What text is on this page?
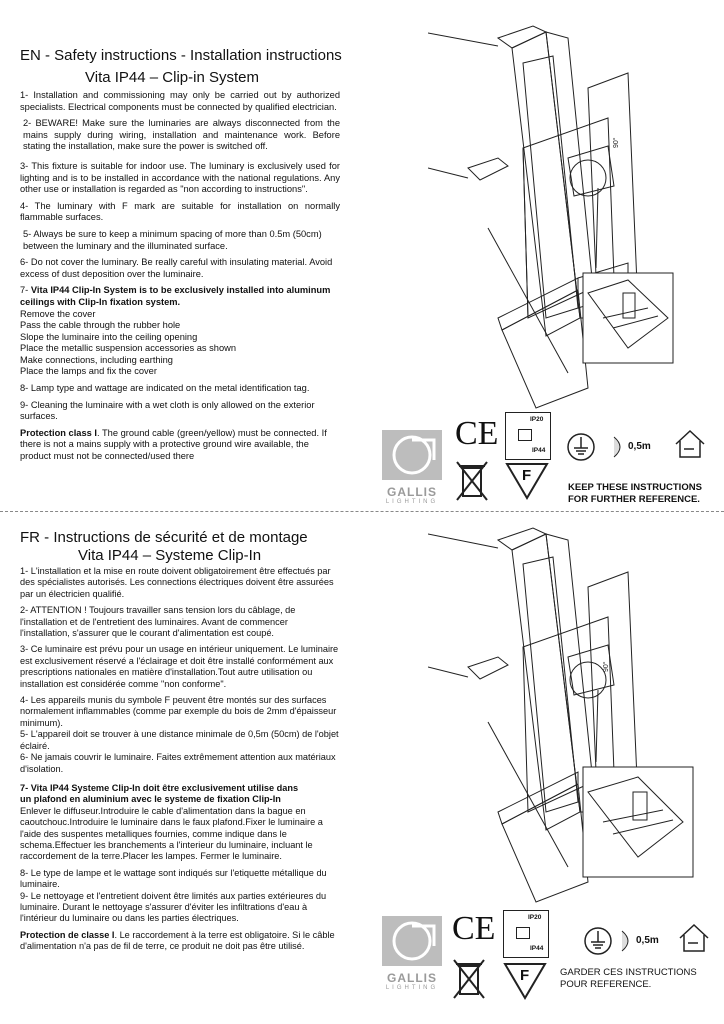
EN - Safety instructions - Installation instructions
Vita IP44 – Clip-in System

1- Installation and commissioning may only be carried out by authorized specialists. Electrical components must be connected by qualified electrician.

2- BEWARE! Make sure the luminaries are always disconnected from the mains supply during wiring, installation and maintenance work. Before stating the installation, make sure the power is switched off.

3- This fixture is suitable for indoor use. The luminary is exclusively used for lighting and is to be installed in accordance with the national regulations. Any other use or installation is regarded as "non according to instructions".

4- The luminary with F mark are suitable for installation on normally flammable surfaces.

5- Always be sure to keep a minimum spacing of more than 0.5m (50cm) between the luminary and the illuminated surface.

6- Do not cover the luminary. Be really careful with insulating material. Avoid excess of dust deposition over the luminaire.

7- Vita IP44 Clip-In System is to be exclusively installed into aluminum ceilings with Clip-In fixation system.

Remove the cover
Pass the cable through the rubber hole
Slope the luminaire into the ceiling opening
Place the metallic suspension accessories as shown
Make connections, including earthing
Place the lamps and fix the cover

8- Lamp type and wattage are indicated on the metal identification tag.

9- Cleaning the luminaire with a wet cloth is only allowed on the exterior surfaces.

Protection class I. The ground cable (green/yellow) must be connected. If there is not a mains supply with a protective ground wire available, the product must not be connected/used there

90°
GALLIS
LIGHTING
CE	IP20
IP44
F
0,5m
KEEP THESE INSTRUCTIONS
FOR FURTHER REFERENCE.
FR - Instructions de sécurité et de montage
Vita IP44 – Systeme Clip-In

1- L'installation et la mise en route doivent obligatoirement être effectués par des spécialistes autorisés. Les connections électriques doivent être assurées par un électricien qualifié.

2- ATTENTION ! Toujours travailler sans tension lors du câblage, de l'installation et de l'entretient des luminaires. Avant de commencer l'installation, s'assurer que le courant d'alimentation est coupé.

3- Ce luminaire est prévu pour un usage en intérieur uniquement. Le luminaire est exclusivement réservé a l'éclairage et doit être installé conformément aux prescriptions nationales en matière d'installation.Tout autre utilisation ou installation est considérée comme "non conforme".

4- Les appareils munis du symbole F peuvent être montés sur des surfaces normalement inflammables (comme par exemple du bois de 2mm d'épaisseur minimum).

5- L'appareil doit se trouver à une distance minimale de 0,5m (50cm) de l'objet éclairé.

6- Ne jamais couvrir le luminaire. Faites extrêmement attention aux matériaux d'isolation.

7- Vita IP44 Systeme Clip-In doit être exclusivement utilise dans
un plafond en aluminium avec le systeme de fixation Clip-In
Enlever le diffuseur.Introduire le cable d'alimentation dans la bague en caoutchouc.Introduire le luminaire dans le faux plafond.Fixer le luminaire a l'aide des suspentes metalliques fournies, comme indique dans le schema.Effectuer les branchements a l'interieur du luminaire, incluant le raccordement de la terre.Placer les lampes. Fermer le luminaire.

8- Le type de lampe et le wattage sont indiqués sur l'etiquette métallique du luminaire.

9- Le nettoyage et l'entretient doivent être limités aux parties extérieures du luminaire. Durant le nettoyage s'assurer d'éviter les infiltrations d'eau à l'intérieur du luminaire ou dans les parties électriques.

Protection de classe I. Le raccordement à la terre est obligatoire. Si le câble d'alimentation n'a pas de fil de terre, ce produit ne doit pas être utilisé.

90°
GALLIS
LIGHTING
CE	IP20
IP44
F
0,5m
GARDER CES INSTRUCTIONS
POUR REFERENCE.
